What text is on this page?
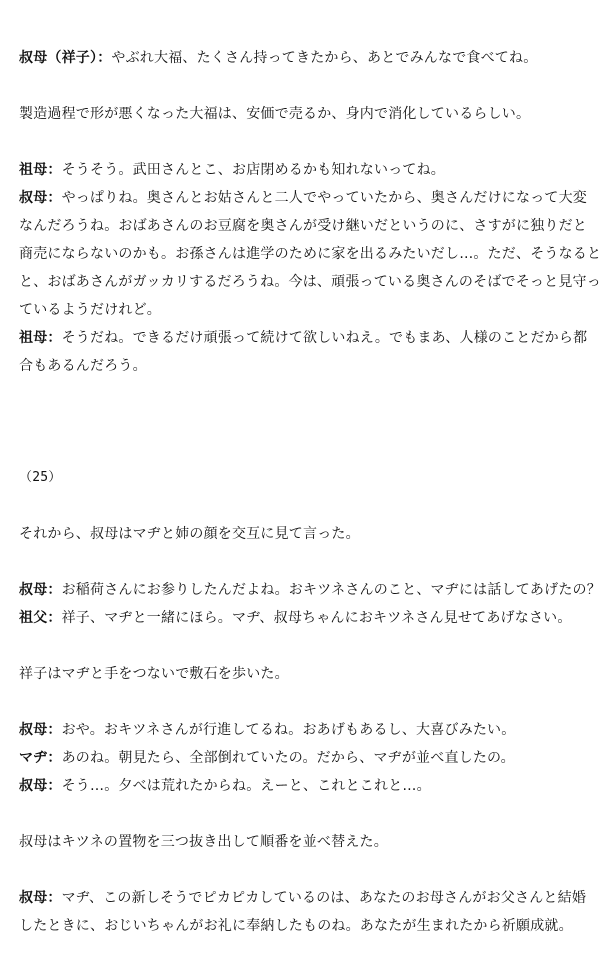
叔母（祥子）：やぶれ大福、たくさん持ってきたから、あとでみんなで食べてね。
製造過程で形が悪くなった大福は、安価で売るか、身内で消化しているらしい。
祖母：そうそう。武田さんとこ、お店閉めるかも知れないってね。
叔母：やっぱりね。奥さんとお姑さんと二人でやっていたから、奥さんだけになって大変
なんだろうね。おばあさんのお豆腐を奥さんが受け継いだというのに、さすがに独りだと
商売にならないのかも。お孫さんは進学のために家を出るみたいだし…。ただ、そうなると
と、おばあさんがガッカリするだろうね。今は、頑張っている奥さんのそばでそっと見守っ
ているようだけれど。
祖母：そうだね。できるだけ頑張って続けて欲しいねえ。でもまあ、人様のことだから都
合もあるんだろう。
（25）
それから、叔母はマヂと姉の顔を交互に見て言った。
叔母：お稲荷さんにお参りしたんだよね。おキツネさんのこと、マヂには話してあげたの？
祖父：祥子、マヂと一緒にほら。マヂ、叔母ちゃんにおキツネさん見せてあげなさい。
祥子はマヂと手をつないで敷石を歩いた。
叔母：おや。おキツネさんが行進してるね。おあげもあるし、大喜びみたい。
マヂ：あのね。朝見たら、全部倒れていたの。だから、マヂが並べ直したの。
叔母：そう…。夕べは荒れたからね。えーと、これとこれと…。
叔母はキツネの置物を三つ抜き出して順番を並べ替えた。
叔母：マヂ、この新しそうでピカピカしているのは、あなたのお母さんがお父さんと結婚
したときに、おじいちゃんがお礼に奉納したものね。あなたが生まれたから祈願成就。
